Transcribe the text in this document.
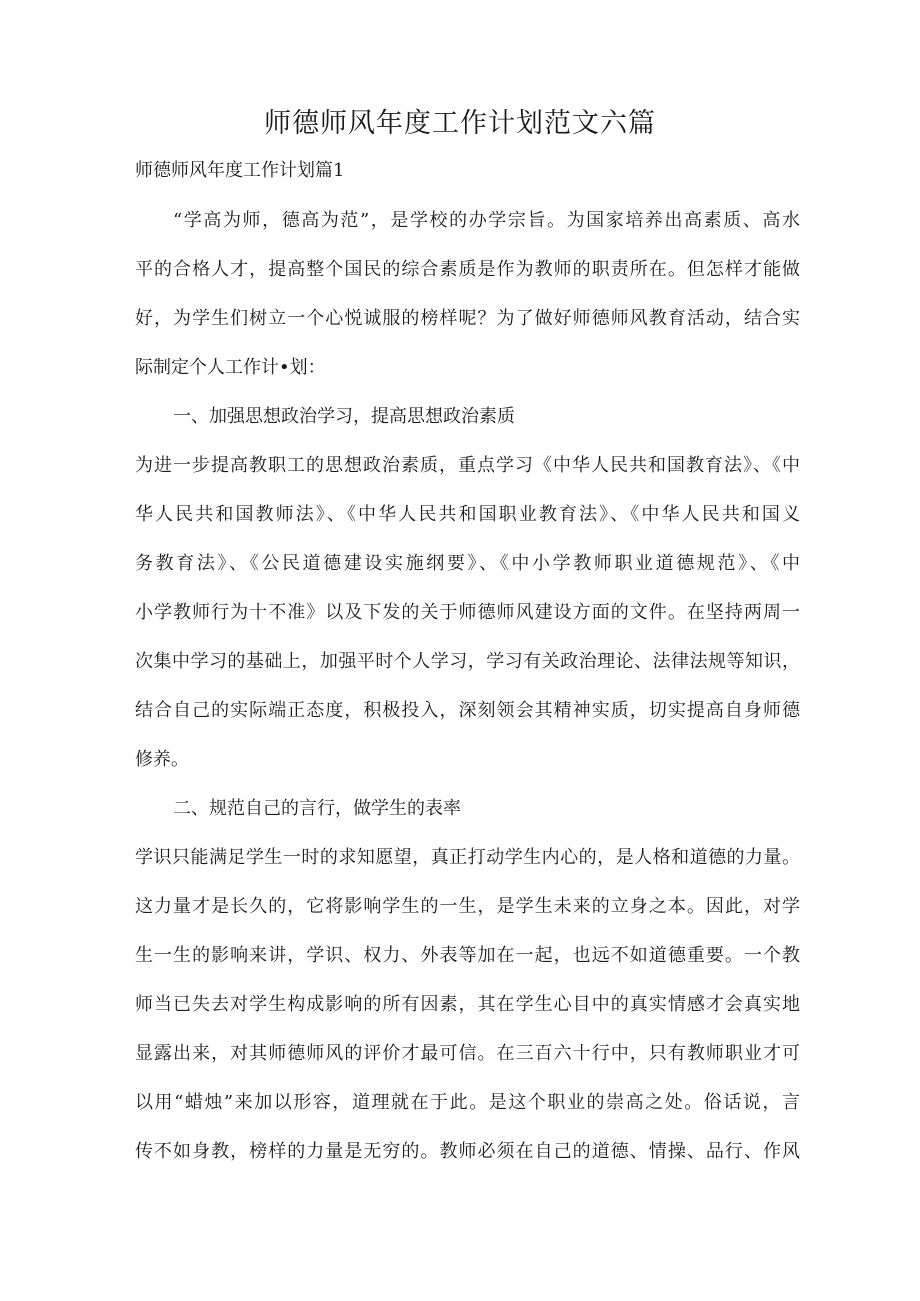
师德师风年度工作计划范文六篇
师德师风年度工作计划篇1

“学高为师，德高为范”，是学校的办学宗旨。为国家培养出高素质、高水

平的合格人才，提高整个国民的综合素质是作为教师的职责所在。但怎样才能做

好，为学生们树立一个心悦诚服的榜样呢？为了做好师德师风教育活动，结合实

际制定个人工作计•划：

一、加强思想政治学习，提高思想政治素质

为进一步提高教职工的思想政治素质，重点学习《中华人民共和国教育法》、《中

华人民共和国教师法》、《中华人民共和国职业教育法》、《中华人民共和国义

务教育法》、《公民道德建设实施纲要》、《中小学教师职业道德规范》、《中

小学教师行为十不准》以及下发的关于师德师风建设方面的文件。在坚持两周一

次集中学习的基础上，加强平时个人学习，学习有关政治理论、法律法规等知识，

结合自己的实际端正态度，积极投入，深刻领会其精神实质，切实提高自身师德

修养。

二、规范自己的言行，做学生的表率

学识只能满足学生一时的求知愿望，真正打动学生内心的，是人格和道德的力量。

这力量才是长久的，它将影响学生的一生，是学生未来的立身之本。因此，对学

生一生的影响来讲，学识、权力、外表等加在一起，也远不如道德重要。一个教

师当已失去对学生构成影响的所有因素，其在学生心目中的真实情感才会真实地

显露出来，对其师德师风的评价才最可信。在三百六十行中，只有教师职业才可

以用“蜡烛”来加以形容，道理就在于此。是这个职业的崇高之处。俗话说，言

传不如身教，榜样的力量是无穷的。教师必须在自己的道德、情操、品行、作风
